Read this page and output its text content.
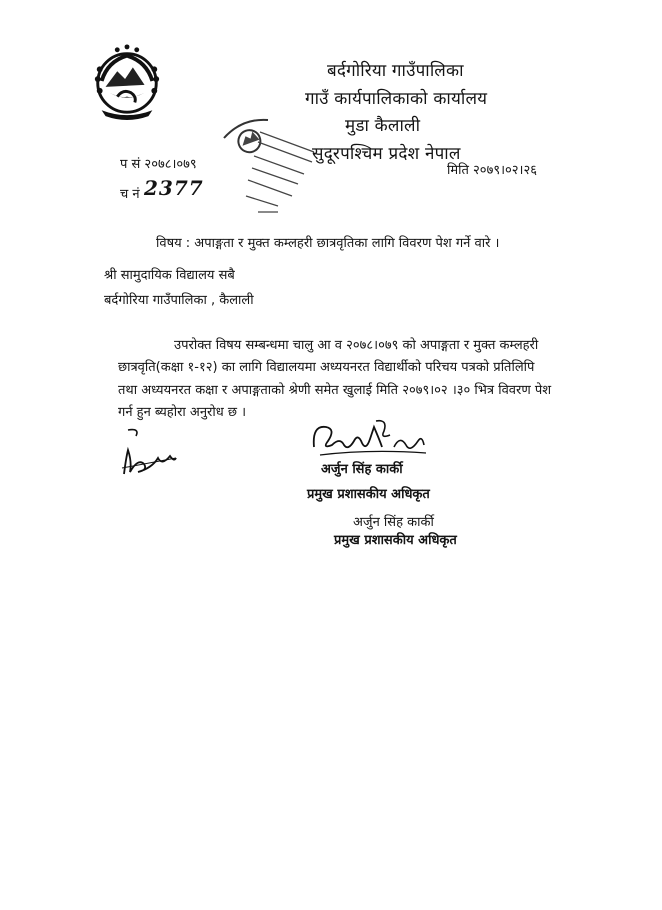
बर्दगोरिया गाउँपालिका
गाउँ कार्यपालिकाको कार्यालय
मुडा कैलाली
सुदूरपश्चिम प्रदेश नेपाल
प सं २०७८।०७९
च नं 2377
मिति २०७९।०२।२६
विषय : अपाङ्गता र मुक्त कम्लहरी छात्रवृतिका लागि विवरण पेश गर्ने वारे ।
श्री सामुदायिक विद्यालय सबै
बर्दगोरिया गाउँपालिका , कैलाली
उपरोक्त विषय सम्बन्धमा चालु आ व २०७८।०७९ को अपाङ्गता र मुक्त कम्लहरी
छात्रवृति(कक्षा १-१२) का लागि विद्यालयमा अध्ययनरत विद्यार्थीको परिचय पत्रको प्रतिलिपि
तथा अध्ययनरत कक्षा र अपाङ्गताको श्रेणी समेत खुलाई मिति २०७९।०२ ।३० भित्र विवरण पेश
गर्न हुन ब्यहोरा अनुरोध छ ।
अर्जुन सिंह कार्की
प्रमुख प्रशासकीय अधिकृत
अर्जुन सिंह कार्की
प्रमुख प्रशासकीय अधिकृत
